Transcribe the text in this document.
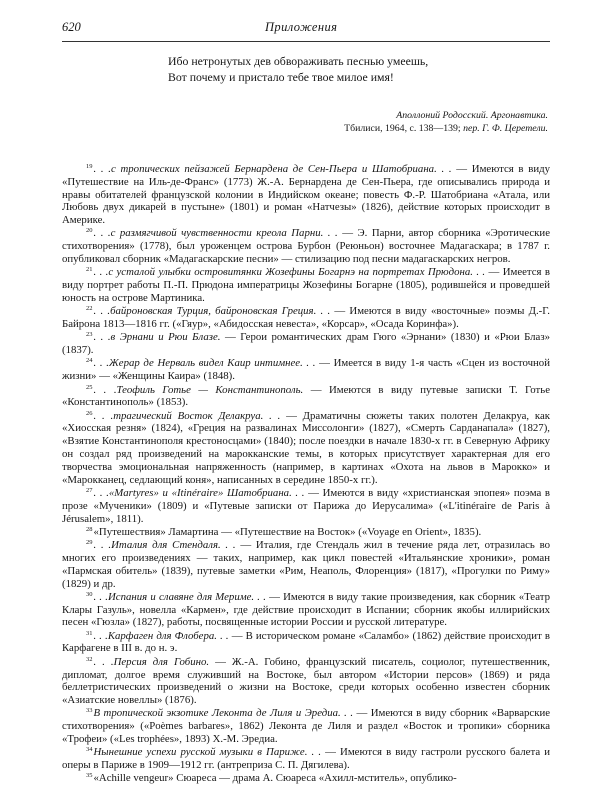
620	Приложения
Ибо нетронутых дев обвораживать песнью умеешь,
Вот почему и пристало тебе твое милое имя!
Аполлоний Родосский. Аргонавтика.
Тбилиси, 1964, с. 138—139; пер. Г. Ф. Церетели.

$^{19}$. . .с тропических пейзажей Бернардена де Сен-Пьера и Шатобриана. . . — Имеются в виду «Путешествие на Иль-де-Франс» (1773) Ж.-А. Бернардена де Сен-Пьера, где описывались природа и нравы обитателей французской колонии в Индийском океане; повесть Ф.-Р. Шатобриана «Атала, или Любовь двух дикарей в пустыне» (1801) и роман «Натчезы» (1826), действие которых происходит в Америке.

$^{20}$. . .с размягчивой чувственности креола Парни. . . — Э. Парни, автор сборника «Эротические стихотворения» (1778), был уроженцем острова Бурбон (Реюньон) восточнее Мадагаскара; в 1787 г. опубликовал сборник «Мадагаскарские песни» — стилизацию под песни мадагаскарских негров.

$^{21}$. . .с усталой улыбки островитянки Жозефины Богарнэ на портретах Прюдона. . . — Имеется в виду портрет работы П.-П. Прюдона императрицы Жозефины Богарне (1805), родившейся и проведшей юность на острове Мартиника.

$^{22}$. . .байроновская Турция, байроновская Греция. . . — Имеются в виду «восточные» поэмы Д.-Г. Байрона 1813—1816 гг. («Гяур», «Абидосская невеста», «Корсар», «Осада Коринфа»).

$^{23}$. . .в Эрнани и Рюи Блазе. — Герои романтических драм Гюго «Эрнани» (1830) и «Рюи Блаз» (1837).

$^{24}$. . .Жерар де Нерваль видел Каир интимнее. . . — Имеется в виду 1-я часть «Сцен из восточной жизни» — «Женщины Каира» (1848).

$^{25}$. . .Теофиль Готье — Константинополь. — Имеются в виду путевые записки Т. Готье «Константинополь» (1853).

$^{26}$. . .трагический Восток Делакруа. . . — Драматичны сюжеты таких полотен Делакруа, как «Хиосская резня» (1824), «Греция на развалинах Миссолонги» (1827), «Смерть Сарданапала» (1827), «Взятие Константинополя крестоносцами» (1840); после поездки в начале 1830-х гг. в Северную Африку он создал ряд произведений на марокканские темы, в которых присутствует характерная для его творчества эмоциональная напряженность (например, в картинах «Охота на львов в Марокко» и «Марокканец, седлающий коня», написанных в середине 1850-х гг.).

$^{27}$. . .«Martyres» и «Itinéraire» Шатобриана. . . — Имеются в виду «христианская эпопея» поэма в прозе «Мученики» (1809) и «Путевые записки от Парижа до Иерусалима» («L'itinéraire de Paris à Jérusalem», 1811).

$^{28}$«Путешествия» Ламартина — «Путешествие на Восток» («Voyage en Orient», 1835).

$^{29}$. . .Италия для Стендаля. . . — Италия, где Стендаль жил в течение ряда лет, отразилась во многих его произведениях — таких, например, как цикл повестей «Итальянские хроники», роман «Пармская обитель» (1839), путевые заметки «Рим, Неаполь, Флоренция» (1817), «Прогулки по Риму» (1829) и др.

$^{30}$. . .Испания и славяне для Мериме. . . — Имеются в виду такие произведения, как сборник «Театр Клары Газуль», новелла «Кармен», где действие происходит в Испании; сборник якобы иллирийских песен «Гюзла» (1827), работы, посвященные истории России и русской литературе.

$^{31}$. . .Карфаген для Флобера. . . — В историческом романе «Саламбо» (1862) действие происходит в Карфагене в III в. до н. э.

$^{32}$. . .Персия для Гобино. — Ж.-А. Гобино, французский писатель, социолог, путешественник, дипломат, долгое время служивший на Востоке, был автором «Истории персов» (1869) и ряда беллетристических произведений о жизни на Востоке, среди которых особенно известен сборник «Азиатские новеллы» (1876).

$^{33}$В тропической экзотике Леконта де Лиля и Эредиа. . . — Имеются в виду сборник «Варварские стихотворения» («Poèmes barbares», 1862) Леконта де Лиля и раздел «Восток и тропики» сборника «Трофеи» («Les trophées», 1893) Х.-М. Эредиа.

$^{34}$Нынешние успехи русской музыки в Париже. . . — Имеются в виду гастроли русского балета и оперы в Париже в 1909—1912 гг. (антреприза С. П. Дягилева).

$^{35}$«Achille vengeur» Сюареса — драма А. Сюареса «Ахилл-мститель», опублико-
